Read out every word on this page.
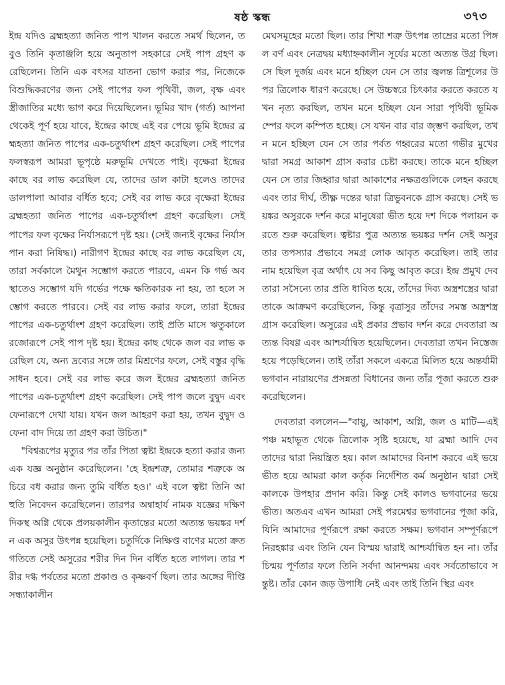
ষষ্ঠ স্কন্ধ	৩৭৩

ইন্দ্র যদিও ব্রহ্মহত্যা জনিত পাপ খালন করতে সমর্থ ছিলেন, তবুও তিনি কৃতাঞ্জলি হয়ে অনুতাপ সহকারে সেই পাপ গ্রহণ করেছিলেন। তিনি এক বৎসর যাতনা ভোগ করার পর, নিজেকে বিশুদ্ধিকরণের জন্য সেই পাপের ফল পৃথিবী, জল, বৃক্ষ এবং স্ত্রীজাতির মধ্যে ভাগ করে দিয়েছিলেন। ভূমির খাদ (গর্ত) আপনা থেকেই পূর্ণ হয়ে যাবে, ইন্দ্রের কাছে এই বর পেয়ে ভূমি ইন্দ্রের ব্রহ্মহত্যা জনিত পাপের এক-চতুর্থাংশ গ্রহণ করেছিল। সেই পাপের ফলস্বরূপ আমরা ভূপৃষ্ঠে মরুভূমি দেখতে পাই। বৃক্ষেরা ইন্দ্রের কাছে বর লাভ করেছিল যে, তাদের ডাল কাটা হলেও তাদের ডালপালা আবার বর্ধিত হবে; সেই বর লাভ করে বৃক্ষেরা ইন্দ্রের ব্রহ্মহত্যা জনিত পাপের এক-চতুর্থাংশ গ্রহণ করেছিল। সেই পাপের ফল বৃক্ষের নির্যাসরূপে দৃষ্ট হয়। (সেই জন্যই বৃক্ষের নির্যাস পান করা নিষিদ্ধ।) নারীগণ ইন্দ্রের কাছে বর লাভ করেছিল যে, তারা সর্বকালে মৈথুন সম্ভোগ করতে পারবে, এমন কি গর্ভ অবস্থাতেও সম্ভোগ যদি গর্ভের পক্ষে ক্ষতিকারক না হয়, তা হলে সম্ভোগ করতে পারবে। সেই বর লাভ করার ফলে, তারা ইন্দ্রের পাপের এক-চতুর্থাংশ গ্রহণ করেছিল। তাই প্রতি মাসে ঋতুকালে রজোরূপে সেই পাপ দৃষ্ট হয়। ইন্দ্রের কাছ থেকে জল বর লাভ করেছিল যে, অন্য দ্রব্যের সঙ্গে তার মিশ্রণের ফলে, সেই বস্তুর বৃদ্ধি সাধন হবে। সেই বর লাভ করে জল ইন্দ্রের ব্রহ্মহত্যা জনিত পাপের এক-চতুর্থাংশ গ্রহণ করেছিল। সেই পাপ জলে বুদ্বুদ এবং ফেনারূপে দেখা যায়। যখন জল আহরণ করা হয়, তখন বুদ্বুদ ও ফেনা বাদ দিয়ে তা গ্রহণ করা উচিত।"

"বিশ্বরূপের মৃত্যুর পর তাঁর পিতা ত্বষ্টা ইন্দ্রকে হত্যা করার জন্য এক যজ্ঞ অনুষ্ঠান করেছিলেন। 'হে ইন্দ্রশত্রু, তোমার শত্রুকে অচিরে বধ করার জন্য তুমি বর্ধিত হও।' এই বলে ত্বষ্টা তিনি আহুতি নিবেদন করেছিলেন। তারপর অন্বাহার্য নামক যজ্ঞের দক্ষিণ দিকস্থ অগ্নি থেকে প্রলয়কালীন কৃতান্তের মতো অত্যন্ত ভয়ঙ্কর দর্শন এক অসুর উৎপন্ন হয়েছিল। চতুর্দিকে নিক্ষিপ্ত বাণের মতো ক্রত গতিতে সেই অসুরের শরীর দিন দিন বর্ধিত হতে লাগল। তার শরীর দগ্ধ পর্বতের মতো প্রকাণ্ড ও কৃষ্ণবর্ণ ছিল। তার অঙ্গের দীপ্তি সন্ধ্যাকালীন

মেঘসমূহের মতো ছিল। তার শিখা শত্রু উৎপন্ন তাম্রের মতো পিঙ্গল বর্ণ এবং নেত্রদ্বয় মধ্যাহ্নকালীন সূর্যের মতো অত্যন্ত উগ্র ছিল। সে ছিল দুর্জয় এবং মনে হচ্ছিল যেন সে তার জ্বলন্ত ত্রিশূলের উপর ত্রিলোক ধারণ করেছে। সে উচ্চস্বরে চিৎকার করতে করতে যখন নৃত্য করছিল, তখন মনে হচ্ছিল যেন সারা পৃথিবী ভূমিকম্পের ফলে কম্পিত হচ্ছে। সে যখন বার বার জৃম্ভণ করছিল, তখন মনে হচ্ছিল যেন সে তার পর্বত গহ্বরের মতো গভীর মুখের দ্বারা সমগ্র আকাশ গ্রাস করার চেষ্টা করছে। তাকে মনে হচ্ছিল যেন সে তার জিহ্বার দ্বারা আকাশের নক্ষত্রগুলিকে লেহন করছে এবং তার দীর্ঘ, তীক্ষ্ণ দন্তের দ্বারা ত্রিভুবনকে গ্রাস করছে। সেই ভয়ঙ্কর অসুরকে দর্শন করে মানুষেরা ভীত হয়ে দশ দিকে পলায়ন করতে শুরু করেছিল। ত্বষ্টার পুত্র অত্যন্ত ভয়ঙ্কর দর্শন সেই অসুর তার তপস্যার প্রভাবে সমগ্র লোক আবৃত করেছিল। তাই তার নাম হয়েছিল বৃত্র অর্থাৎ যে সব কিছু আবৃত করে। ইন্দ্র প্রমুখ দেবতারা সসৈন্যে তার প্রতি ধাবিত হয়ে, তাঁদের দিব্য অস্ত্রশস্ত্রের দ্বারা তাকে আক্রমণ করেছিলেন, কিন্তু বৃত্রাসুর তাঁদের সমস্ত অস্ত্রশস্ত্র গ্রাস করেছিল। অসুরের এই প্রকার প্রভাব দর্শন করে দেবতারা অত্যন্ত বিষণ্ণ এবং আশ্চর্যান্বিত হয়েছিলেন। দেবতারা তখন নিস্তেজ হয়ে পড়েছিলেন। তাই তাঁরা সকলে একত্রে মিলিত হয়ে অন্তর্যামী ভগবান নারায়ণের প্রসন্নতা বিধানের জন্য তাঁর পূজা করতে শুরু করেছিলেন।

দেবতারা বললেন—"বায়ু, আকাশ, অগ্নি, জল ও মাটি—এই পঞ্চ মহাভূত থেকে ত্রিলোক সৃষ্টি হয়েছে, যা ব্রহ্মা আদি দেবতাদের দ্বারা নিয়ন্ত্রিত হয়। কাল আমাদের বিনাশ করবে এই ভয়ে ভীত হয়ে আমরা কাল কর্তৃক নির্দেশিত কর্ম অনুষ্ঠান দ্বারা সেই কালকে উপহার প্রদান করি। কিন্তু সেই কালও ভগবানের ভয়ে ভীত। অতএব এখন আমরা সেই পরমেশ্বর ভগবানের পূজা করি, যিনি আমাদের পূর্ণরূপে রক্ষা করতে সক্ষম। ভগবান সম্পূর্ণরূপে নিরহঙ্কার এবং তিনি যেন বিস্ময় দ্বারাই আশ্চর্যান্বিত হন না। তাঁর চিন্ময় পূর্ণতার ফলে তিনি সর্বদা আনন্দময় এবং সর্বতোভাবে সন্তুষ্ট। তাঁর কোন জড় উপাধি নেই এবং তাই তিনি স্থির এবং
